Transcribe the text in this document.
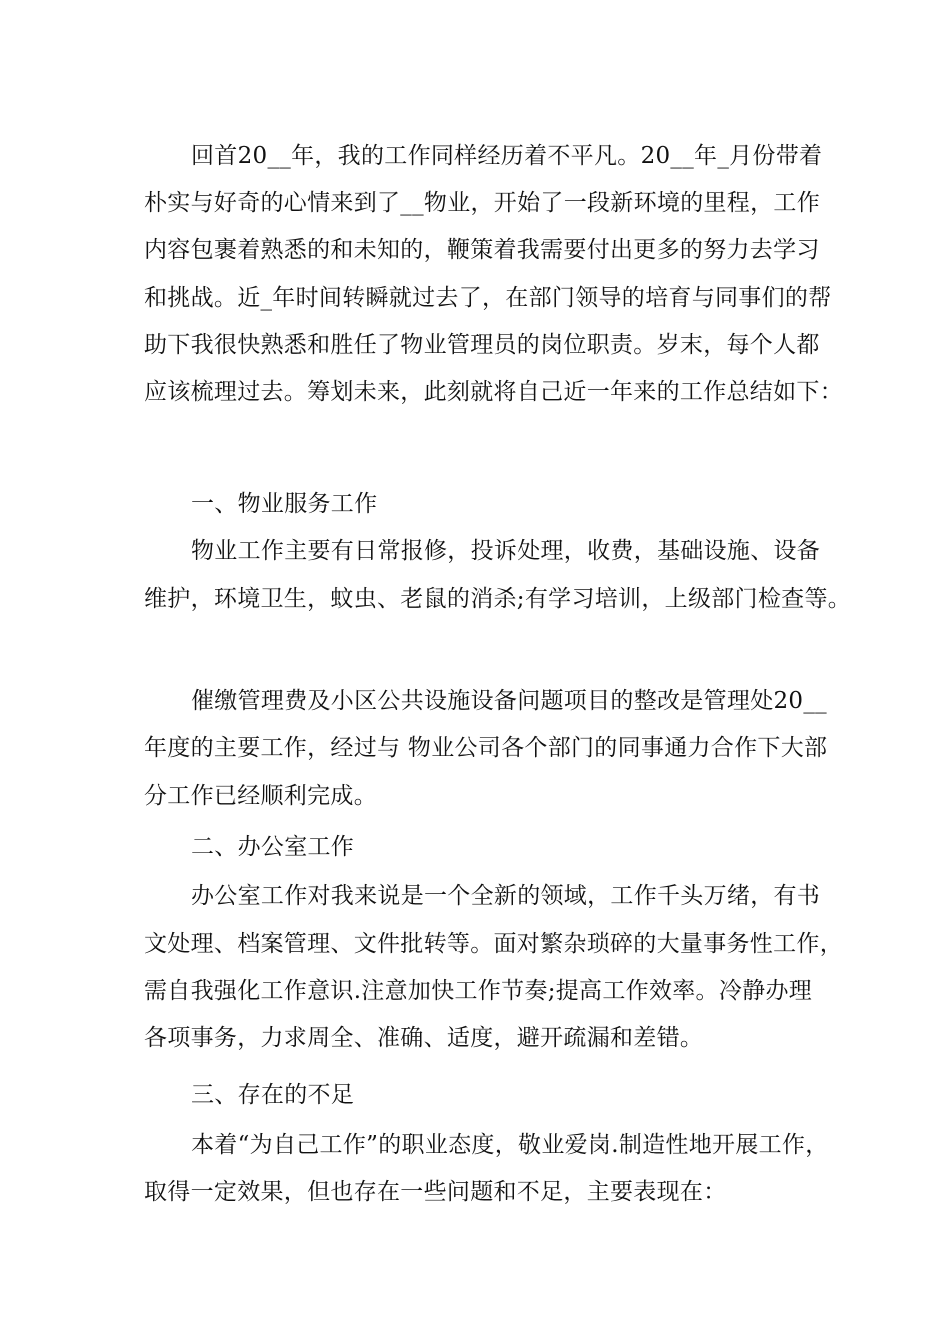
回首20__年，我的工作同样经历着不平凡。20__年_月份带着
朴实与好奇的心情来到了__物业，开始了一段新环境的里程，工作
内容包裹着熟悉的和未知的，鞭策着我需要付出更多的努力去学习
和挑战。近_年时间转瞬就过去了，在部门领导的培育与同事们的帮
助下我很快熟悉和胜任了物业管理员的岗位职责。岁末，每个人都
应该梳理过去。筹划未来，此刻就将自己近一年来的工作总结如下：
一、物业服务工作
物业工作主要有日常报修，投诉处理，收费，基础设施、设备
维护，环境卫生，蚊虫、老鼠的消杀;有学习培训，上级部门检查等。
催缴管理费及小区公共设施设备问题项目的整改是管理处20__
年度的主要工作，经过与 物业公司各个部门的同事通力合作下大部
分工作已经顺利完成。
二、办公室工作
办公室工作对我来说是一个全新的领域，工作千头万绪，有书
文处理、档案管理、文件批转等。面对繁杂琐碎的大量事务性工作，
需自我强化工作意识.注意加快工作节奏;提高工作效率。冷静办理
各项事务，力求周全、准确、适度，避开疏漏和差错。
三、存在的不足
本着“为自己工作”的职业态度，敬业爱岗.制造性地开展工作，
取得一定效果，但也存在一些问题和不足，主要表现在：
